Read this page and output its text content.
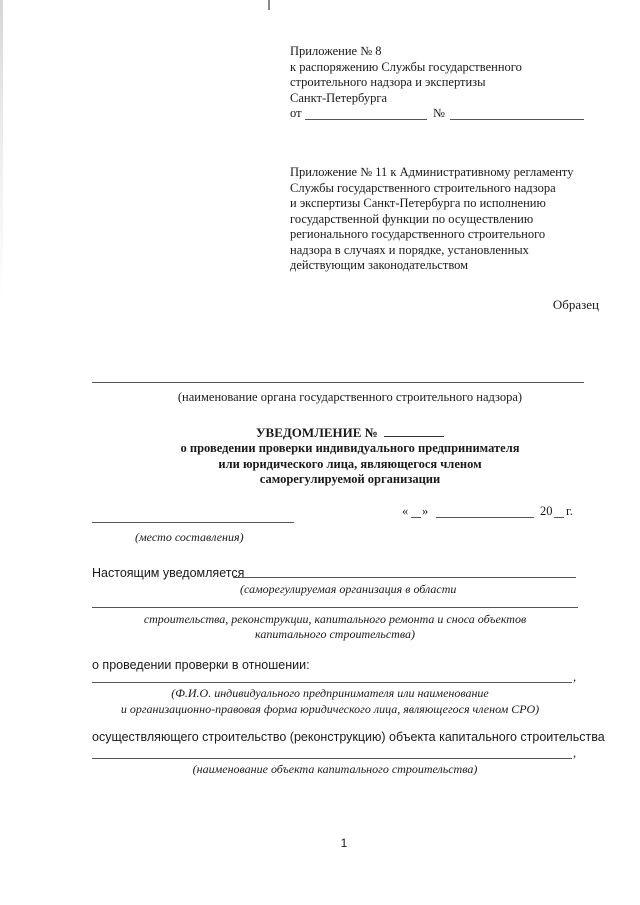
Приложение № 8
к распоряжению Службы государственного
строительного надзора и экспертизы
Санкт-Петербурга
от	№
Приложение № 11 к Административному регламенту
Службы государственного строительного надзора
и экспертизы Санкт-Петербурга по исполнению
государственной функции по осуществлению
регионального государственного строительного
надзора в случаях и порядке, установленных
действующим законодательством
Образец
(наименование органа государственного строительного надзора)
УВЕДОМЛЕНИЕ №
о проведении проверки индивидуального предпринимателя
или юридического лица, являющегося членом
саморегулируемой организации
« »	20 г.
(место составления)
Настоящим уведомляется
(саморегулируемая организация в области
строительства, реконструкции, капитального ремонта и сноса объектов
капитального строительства)
о проведении проверки в отношении:
,
(Ф.И.О. индивидуального предпринимателя или наименование
и организационно-правовая форма юридического лица, являющегося членом СРО)
осуществляющего строительство (реконструкцию) объекта капитального строительства
,
(наименование объекта капитального строительства)
1
